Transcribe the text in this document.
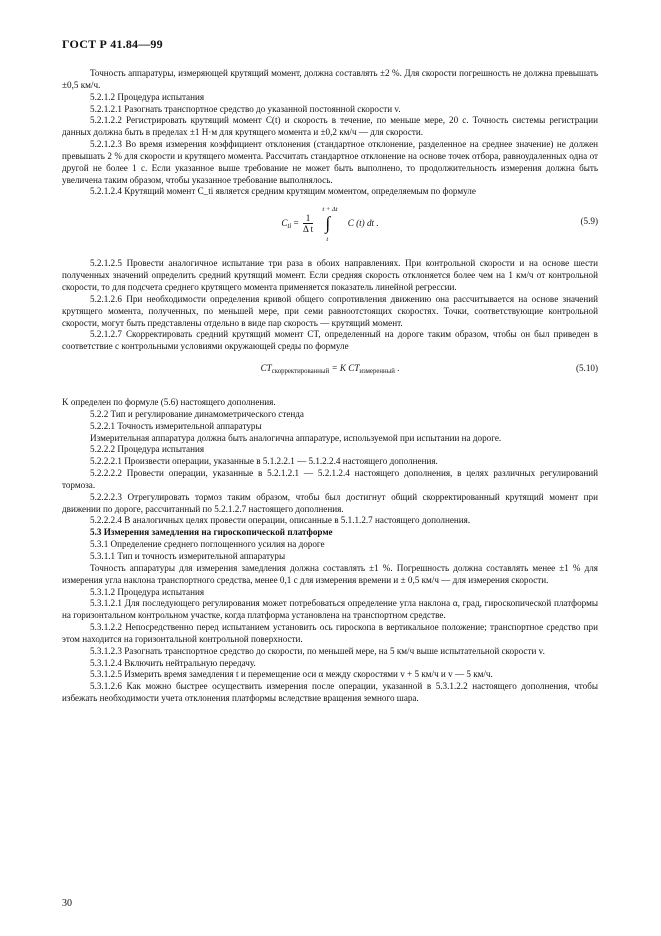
ГОСТ Р 41.84—99

Точность аппаратуры, измеряющей крутящий момент, должна составлять ±2 %. Для скорости погрешность не должна превышать ±0,5 км/ч.

5.2.1.2 Процедура испытания

5.2.1.2.1 Разогнать транспортное средство до указанной постоянной скорости v.

5.2.1.2.2 Регистрировать крутящий момент C(t) и скорость в течение, по меньше мере, 20 с. Точность системы регистрации данных должна быть в пределах ±1 Н·м для крутящего момента и ±0,2 км/ч — для скорости.

5.2.1.2.3 Во время измерения коэффициент отклонения (стандартное отклонение, разделенное на среднее значение) не должен превышать 2 % для скорости и крутящего момента. Рассчитать стандартное отклонение на основе точек отбора, равноудаленных одна от другой не более 1 с. Если указанное выше требование не может быть выполнено, то продолжительность измерения должна быть увеличена таким образом, чтобы указанное требование выполнялось.

5.2.1.2.4 Крутящий момент C_ti является средним крутящим моментом, определяемым по формуле

$C_{ti} = \frac{1}{\text{Δ t}}$

t + Δt
∫
t
C (t) dt .	(5.9)

5.2.1.2.5 Провести аналогичное испытание три раза в обоих направлениях. При контрольной скорости и на основе шести полученных значений определить средний крутящий момент. Если средняя скорость отклоняется более чем на 1 км/ч от контрольной скорости, то для подсчета среднего крутящего момента применяется показатель линейной регрессии.

5.2.1.2.6 При необходимости определения кривой общего сопротивления движению она рассчитывается на основе значений крутящего момента, полученных, по меньшей мере, при семи равноотстоящих скоростях. Точки, соответствующие контрольной скорости, могут быть представлены отдельно в виде пар скорость — крутящий момент.

5.2.1.2.7 Скорректировать средний крутящий момент CT, определенный на дороге таким образом, чтобы он был приведен в соответствие с контрольными условиями окружающей среды по формуле

$CT_{скорректированный} = K$ $CT_{измеренный}$ .	(5.10)

K определен по формуле (5.6) настоящего дополнения.

5.2.2 Тип и регулирование динамометрического стенда

5.2.2.1 Точность измерительной аппаратуры

Измерительная аппаратура должна быть аналогична аппаратуре, используемой при испытании на дороге.

5.2.2.2 Процедура испытания

5.2.2.2.1 Произвести операции, указанные в 5.1.2.2.1 — 5.1.2.2.4 настоящего дополнения.

5.2.2.2.2 Провести операции, указанные в 5.2.1.2.1 — 5.2.1.2.4 настоящего дополнения, в целях различных регулирований тормоза.

5.2.2.2.3 Отрегулировать тормоз таким образом, чтобы был достигнут общий скорректированный крутящий момент при движении по дороге, рассчитанный по 5.2.1.2.7 настоящего дополнения.

5.2.2.2.4 В аналогичных целях провести операции, описанные в 5.1.1.2.7 настоящего дополнения.

5.3 Измерения замедления на гироскопической платформе

5.3.1 Определение среднего поглощенного усилия на дороге

5.3.1.1 Тип и точность измерительной аппаратуры

Точность аппаратуры для измерения замедления должна составлять ±1 %. Погрешность должна составлять менее ±1 % для измерения угла наклона транспортного средства, менее 0,1 с для измерения времени и ± 0,5 км/ч — для измерения скорости.

5.3.1.2 Процедура испытания

5.3.1.2.1 Для последующего регулирования может потребоваться определение угла наклона α, град, гироскопической платформы на горизонтальном контрольном участке, когда платформа установлена на транспортном средстве.

5.3.1.2.2 Непосредственно перед испытанием установить ось гироскопа в вертикальное положение; транспортное средство при этом находится на горизонтальной контрольной поверхности.

5.3.1.2.3 Разогнать транспортное средство до скорости, по меньшей мере, на 5 км/ч выше испытательной скорости v.

5.3.1.2.4 Включить нейтральную передачу.

5.3.1.2.5 Измерить время замедления t и перемещение оси α между скоростями v + 5 км/ч и v — 5 км/ч.

5.3.1.2.6 Как можно быстрее осуществить измерения после операции, указанной в 5.3.1.2.2 настоящего дополнения, чтобы избежать необходимости учета отклонения платформы вследствие вращения земного шара.

30
